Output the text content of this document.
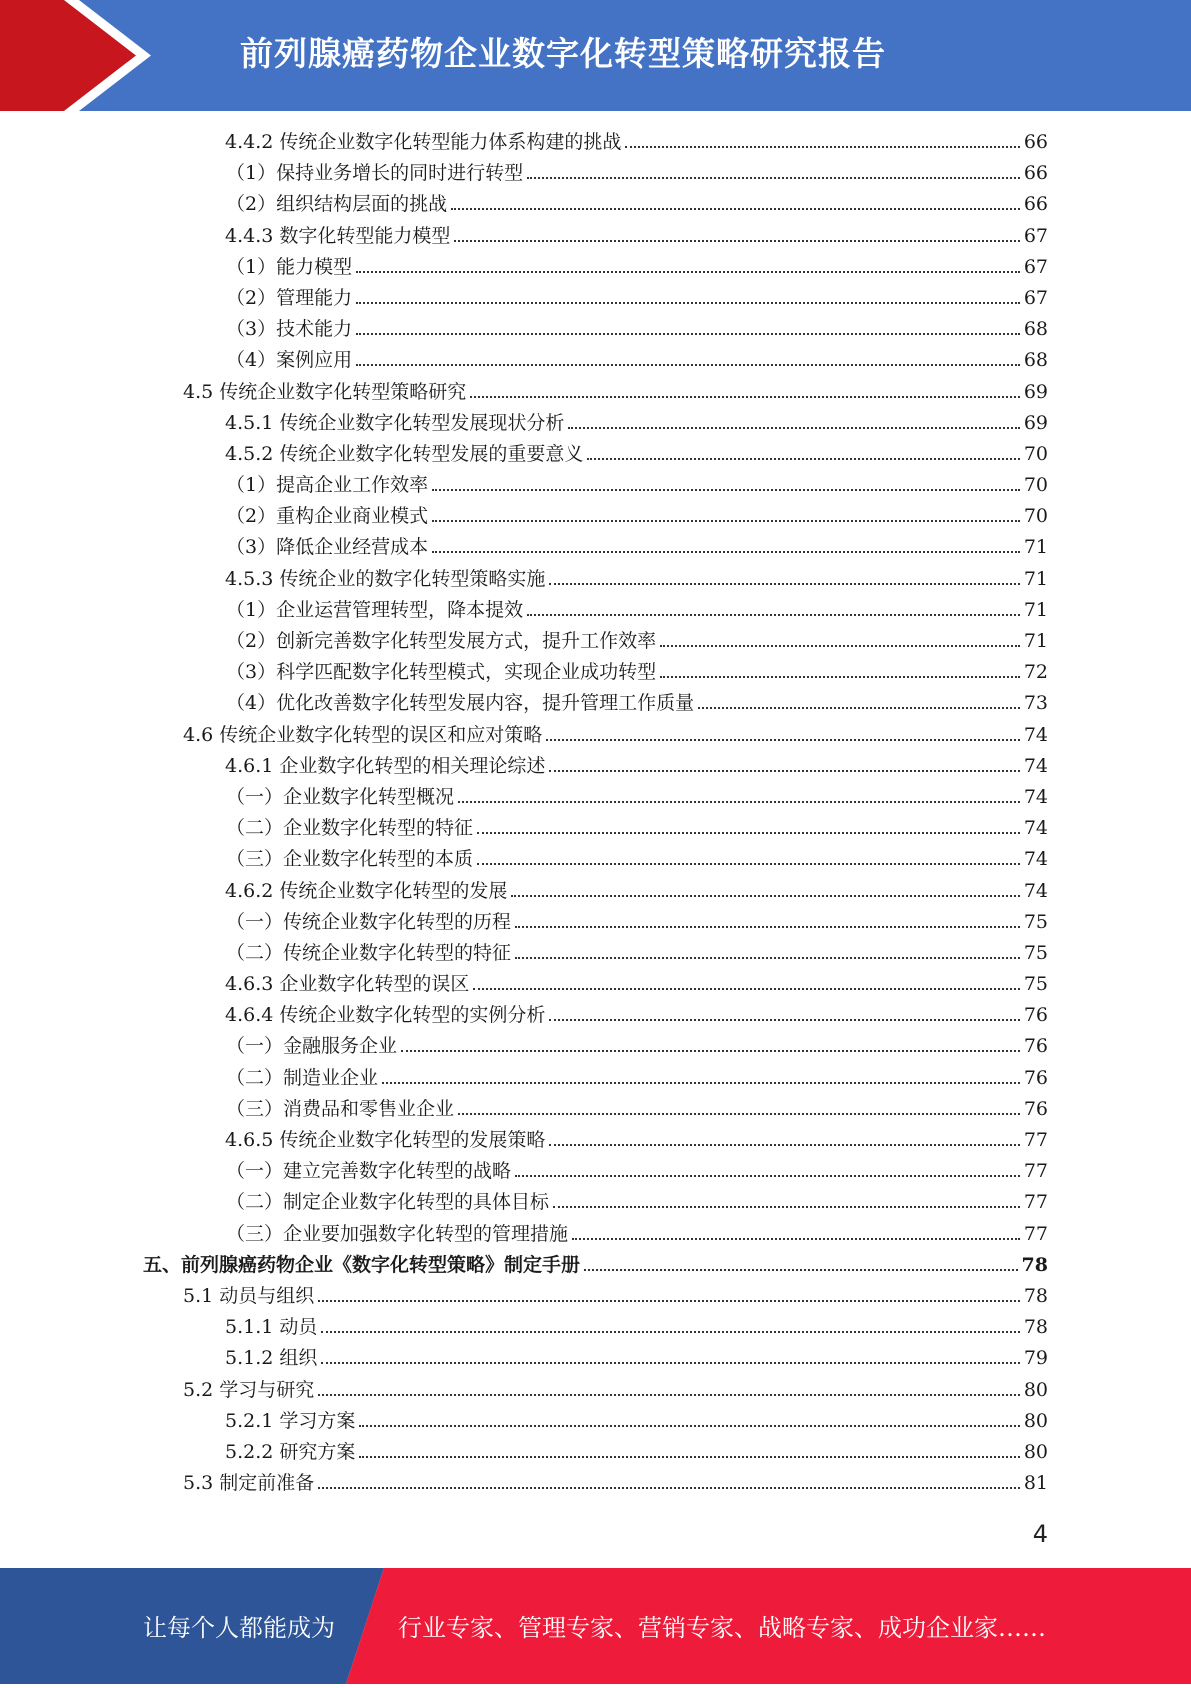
前列腺癌药物企业数字化转型策略研究报告
4.4.2 传统企业数字化转型能力体系构建的挑战	66
（1）保持业务增长的同时进行转型	66
（2）组织结构层面的挑战	66
4.4.3 数字化转型能力模型	67
（1）能力模型	67
（2）管理能力	67
（3）技术能力	68
（4）案例应用	68
4.5 传统企业数字化转型策略研究	69
4.5.1 传统企业数字化转型发展现状分析	69
4.5.2 传统企业数字化转型发展的重要意义	70
（1）提高企业工作效率	70
（2）重构企业商业模式	70
（3）降低企业经营成本	71
4.5.3 传统企业的数字化转型策略实施	71
（1）企业运营管理转型，降本提效	71
（2）创新完善数字化转型发展方式，提升工作效率	71
（3）科学匹配数字化转型模式，实现企业成功转型	72
（4）优化改善数字化转型发展内容，提升管理工作质量	73
4.6 传统企业数字化转型的误区和应对策略	74
4.6.1 企业数字化转型的相关理论综述	74
（一）企业数字化转型概况	74
（二）企业数字化转型的特征	74
（三）企业数字化转型的本质	74
4.6.2 传统企业数字化转型的发展	74
（一）传统企业数字化转型的历程	75
（二）传统企业数字化转型的特征	75
4.6.3 企业数字化转型的误区	75
4.6.4 传统企业数字化转型的实例分析	76
（一）金融服务企业	76
（二）制造业企业	76
（三）消费品和零售业企业	76
4.6.5 传统企业数字化转型的发展策略	77
（一）建立完善数字化转型的战略	77
（二）制定企业数字化转型的具体目标	77
（三）企业要加强数字化转型的管理措施	77
五、前列腺癌药物企业《数字化转型策略》制定手册	78
5.1 动员与组织	78
5.1.1 动员	78
5.1.2 组织	79
5.2 学习与研究	80
5.2.1 学习方案	80
5.2.2 研究方案	80
5.3 制定前准备	81
4
让每个人都能成为	行业专家、管理专家、营销专家、战略专家、成功企业家……
